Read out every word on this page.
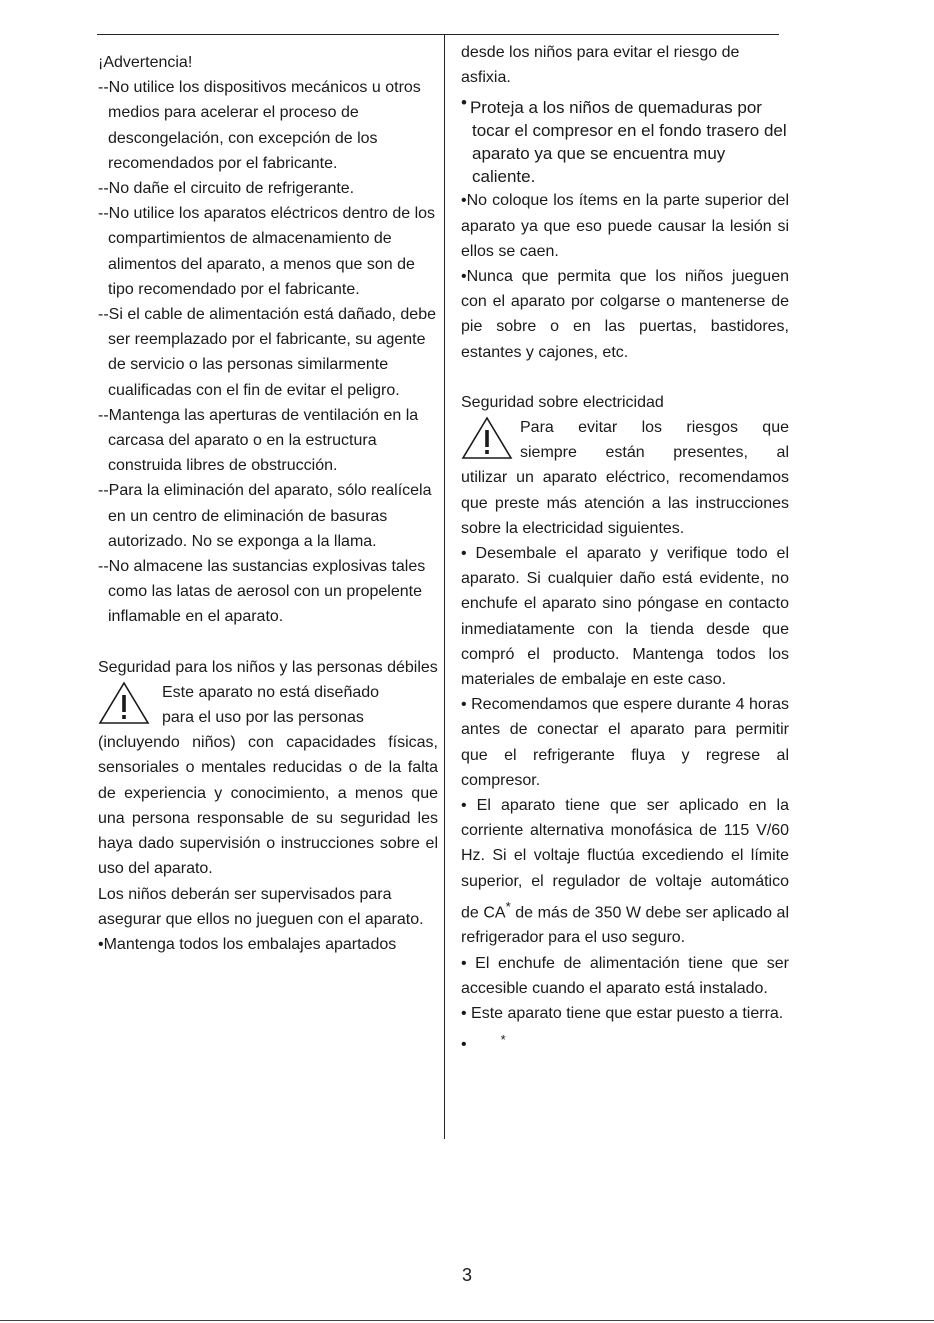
¡Advertencia!

--No utilice los dispositivos mecánicos u otros medios para acelerar el proceso de descongelación, con excepción de los recomendados por el fabricante.

--No dañe el circuito de refrigerante.

--No utilice los aparatos eléctricos dentro de los compartimientos de almacenamiento de alimentos del aparato, a menos que son de tipo recomendado por el fabricante.

--Si el cable de alimentación está dañado, debe ser reemplazado por el fabricante, su agente de servicio o las personas similarmente cualificadas con el fin de evitar el peligro.

--Mantenga las aperturas de ventilación en la carcasa del aparato o en la estructura construida libres de obstrucción.

--Para la eliminación del aparato, sólo realícela en un centro de eliminación de basuras autorizado. No se exponga a la llama.

--No almacene las sustancias explosivas tales como las latas de aerosol con un propelente inflamable en el aparato.

Seguridad para los niños y las personas débiles

Este aparato no está diseñado

para el uso por las personas

(incluyendo niños) con capacidades físicas, sensoriales o mentales reducidas o de la falta de experiencia y conocimiento, a menos que una persona responsable de su seguridad les haya dado supervisión o instrucciones sobre el uso del aparato.

Los niños deberán ser supervisados para asegurar que ellos no jueguen con el aparato.

•Mantenga todos los embalajes apartados

desde los niños para evitar el riesgo de asfixia.

• Proteja a los niños de quemaduras por tocar el compresor en el fondo trasero del aparato ya que se encuentra muy caliente.

•No coloque los ítems en la parte superior del aparato ya que eso puede causar la lesión si ellos se caen.

•Nunca que permita que los niños jueguen con el aparato por colgarse o mantenerse de pie sobre o en las puertas, bastidores, estantes y cajones, etc.

Seguridad sobre electricidad

Para evitar los riesgos que

siempre están presentes, al

utilizar un aparato eléctrico, recomendamos que preste más atención a las instrucciones sobre la electricidad siguientes.

• Desembale el aparato y verifique todo el aparato. Si cualquier daño está evidente, no enchufe el aparato sino póngase en contacto inmediatamente con la tienda desde que compró el producto. Mantenga todos los materiales de embalaje en este caso.

• Recomendamos que espere durante 4 horas antes de conectar el aparato para permitir que el refrigerante fluya y regrese al compresor.

• El aparato tiene que ser aplicado en la corriente alternativa monofásica de 115 V/60 Hz. Si el voltaje fluctúa excediendo el límite superior, el regulador de voltaje automático de CA* de más de 350 W debe ser aplicado al refrigerador para el uso seguro.

• El enchufe de alimentación tiene que ser accesible cuando el aparato está instalado.

• Este aparato tiene que estar puesto a tierra.

•	*

3
